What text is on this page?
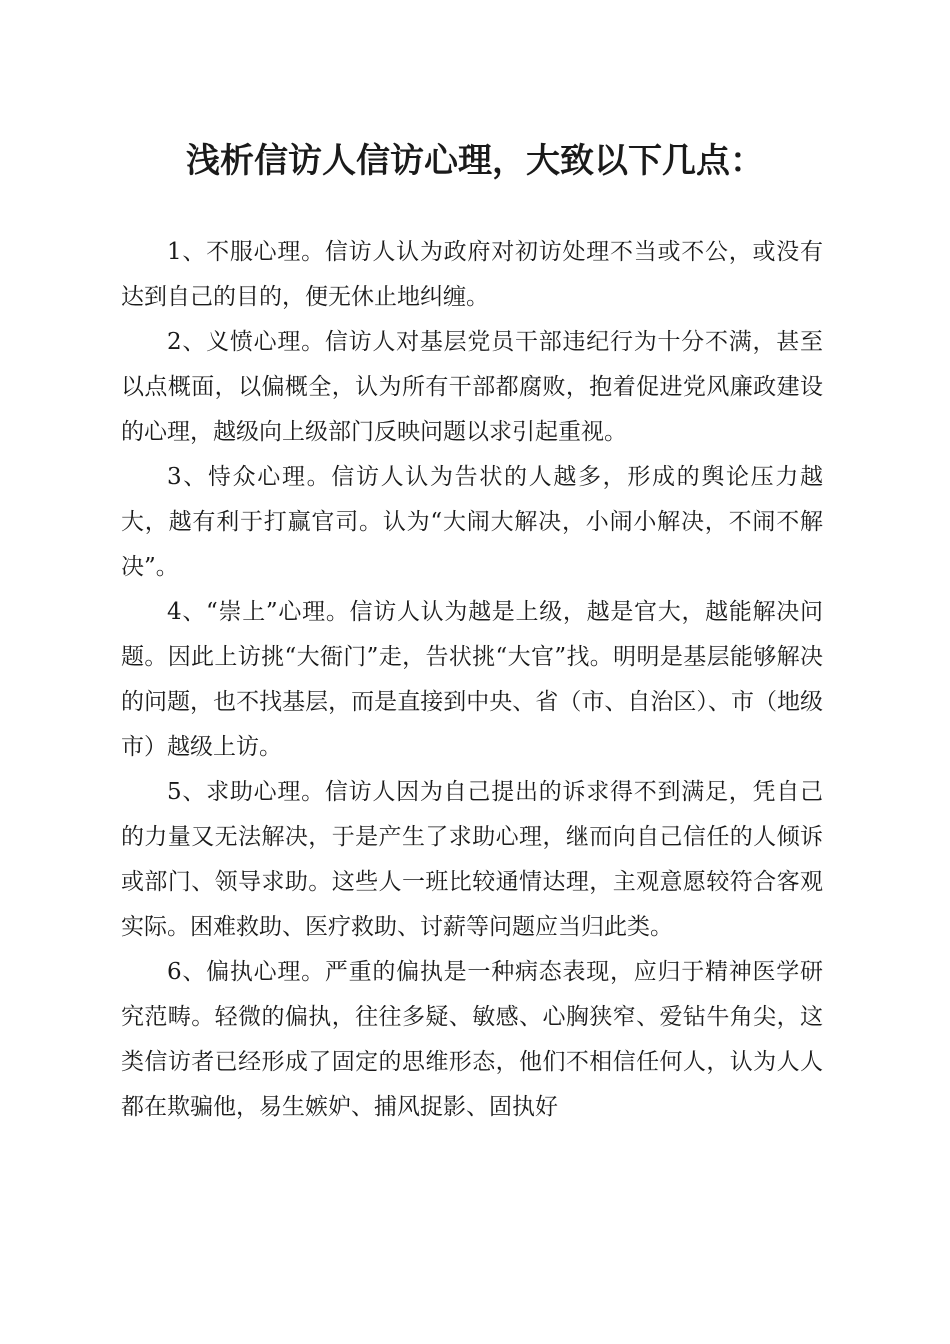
浅析信访人信访心理，大致以下几点：

1、不服心理。信访人认为政府对初访处理不当或不公，或没有达到自己的目的，便无休止地纠缠。

2、义愤心理。信访人对基层党员干部违纪行为十分不满，甚至以点概面，以偏概全，认为所有干部都腐败，抱着促进党风廉政建设的心理，越级向上级部门反映问题以求引起重视。

3、恃众心理。信访人认为告状的人越多，形成的舆论压力越大，越有利于打赢官司。认为“大闹大解决，小闹小解决，不闹不解决”。

4、“崇上”心理。信访人认为越是上级，越是官大，越能解决问题。因此上访挑“大衙门”走，告状挑“大官”找。明明是基层能够解决的问题，也不找基层，而是直接到中央、省（市、自治区）、市（地级市）越级上访。

5、求助心理。信访人因为自己提出的诉求得不到满足，凭自己的力量又无法解决，于是产生了求助心理，继而向自己信任的人倾诉或部门、领导求助。这些人一班比较通情达理，主观意愿较符合客观实际。困难救助、医疗救助、讨薪等问题应当归此类。

6、偏执心理。严重的偏执是一种病态表现，应归于精神医学研究范畴。轻微的偏执，往往多疑、敏感、心胸狭窄、爱钻牛角尖，这类信访者已经形成了固定的思维形态，他们不相信任何人，认为人人都在欺骗他，易生嫉妒、捕风捉影、固执好
